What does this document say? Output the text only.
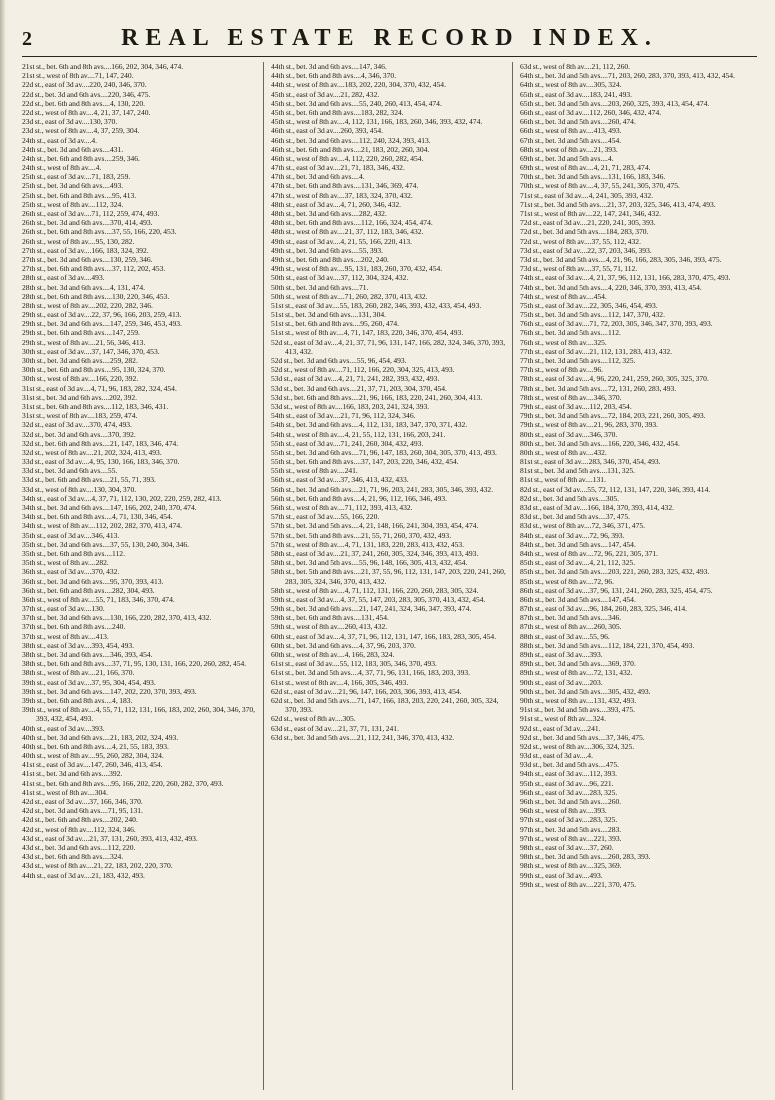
2	REAL ESTATE RECORD INDEX.
21st st., bet. 6th and 8th avs....166, 202, 304, 346, 474.
21st st., west of 8th av....71, 147, 240.
22d st., east of 3d av....220, 240, 346, 370.
22d st., bet. 3d and 6th avs....220, 346, 475.
22d st., bet. 6th and 8th avs....4, 130, 220.
22d st., west of 8th av....4, 21, 37, 147, 240.
23d st., east of 3d av....130, 370.
23d st., west of 8th av....4, 37, 259, 304.
24th st., east of 3d av....4.
24th st., bet. 3d and 6th avs....431.
24th st., bet. 6th and 8th avs....259, 346.
24th st., west of 8th av....4.
25th st., east of 3d av....71, 183, 259.
25th st., bet. 3d and 6th avs....493.
25th st., bet. 6th and 8th avs....95, 413.
25th st., west of 8th av....112, 324.
26th st., east of 3d av....71, 112, 259, 474, 493.
26th st., bet. 3d and 6th avs....370, 414, 493.
26th st., bet. 6th and 8th avs....37, 55, 166, 220, 453.
26th st., west of 8th av....95, 130, 282.
27th st., east of 3d av....166, 183, 324, 392.
27th st., bet. 3d and 6th avs....130, 259, 346.
27th st., bet. 6th and 8th avs....37, 112, 202, 453.
28th st., east of 3d av....493.
28th st., bet. 3d and 6th avs....4, 131, 474.
28th st., bet. 6th and 8th avs....130, 220, 346, 453.
28th st., west of 8th av....202, 220, 282, 346.
29th st., east of 3d av....22, 37, 96, 166, 203, 259, 413.
29th st., bet. 3d and 6th avs....147, 259, 346, 453, 493.
29th st., bet. 6th and 8th avs....147, 259.
29th st., west of 8th av....21, 56, 346, 413.
30th st., east of 3d av....37, 147, 346, 370, 453.
30th st., bet. 3d and 6th avs....259, 282.
30th st., bet. 6th and 8th avs....95, 130, 324, 370.
30th st., west of 8th av....166, 220, 392.
31st st., east of 3d av....4, 71, 96, 183, 282, 324, 454.
31st st., bet. 3d and 6th avs....202, 392.
31st st., bet. 6th and 8th avs....112, 183, 346, 431.
31st st., west of 8th av....183, 259, 474.
32d st., east of 3d av....370, 474, 493.
32d st., bet. 3d and 6th avs....370, 392.
32d st., bet. 6th and 8th avs....21, 147, 183, 346, 474.
32d st., west of 8th av....21, 202, 324, 413, 493.
33d st., east of 3d av....4, 95, 130, 166, 183, 346, 370.
33d st., bet. 3d and 6th avs....55.
33d st., bet. 6th and 8th avs....21, 55, 71, 393.
33d st., west of 8th av....130, 304, 370.
34th st., east of 3d av....4, 37, 71, 112, 130, 202, 220, 259, 282, 413.
34th st., bet. 3d and 6th avs....147, 166, 202, 240, 370, 474.
34th st., bet. 6th and 8th avs....4, 71, 130, 346, 454.
34th st., west of 8th av....112, 202, 282, 370, 413, 474.
35th st., east of 3d av....346, 413.
35th st., bet. 3d and 6th avs....37, 55, 130, 240, 304, 346.
35th st., bet. 6th and 8th avs....112.
35th st., west of 8th av....282.
36th st., east of 3d av....370, 432.
36th st., bet. 3d and 6th avs....95, 370, 393, 413.
36th st., bet. 6th and 8th avs....282, 304, 493.
36th st., west of 8th av....55, 71, 183, 346, 370, 474.
37th st., east of 3d av....130.
37th st., bet. 3d and 6th avs....130, 166, 220, 282, 370, 413, 432.
37th st., bet. 6th and 8th avs....240.
37th st., west of 8th av....413.
38th st., east of 3d av....393, 454, 493.
38th st., bet. 3d and 6th avs....346, 393, 454.
38th st., bet. 6th and 8th avs....37, 71, 95, 130, 131, 166, 220, 260, 282, 454.
38th st., west of 8th av....21, 166, 370.
39th st., east of 3d av....37, 95, 304, 454, 493.
39th st., bet. 3d and 6th avs....147, 202, 220, 370, 393, 493.
39th st., bet. 6th and 8th avs....4, 183.
39th st., west of 8th av....4, 55, 71, 112, 131, 166, 183, 202, 260, 304, 346, 370, 393, 432, 454, 493.
40th st., east of 3d av....393.
40th st., bet. 3d and 6th avs....21, 183, 202, 324, 493.
40th st., bet. 6th and 8th avs....4, 21, 55, 183, 393.
40th st., west of 8th av....95, 260, 282, 304, 324.
41st st., east of 3d av....147, 260, 346, 413, 454.
41st st., bet. 3d and 6th avs....392.
41st st., bet. 6th and 8th avs....95, 166, 202, 220, 260, 282, 370, 493.
41st st., west of 8th av....304.
42d st., east of 3d av....37, 166, 346, 370.
42d st., bet. 3d and 6th avs....71, 95, 131.
42d st., bet. 6th and 8th avs....202, 240.
42d st., west of 8th av....112, 324, 346.
43d st., east of 3d av....21, 37, 131, 260, 393, 413, 432, 493.
43d st., bet. 3d and 6th avs....112, 220.
43d st., bet. 6th and 8th avs....324.
43d st., west of 8th av....21, 22, 183, 202, 220, 370.
44th st., east of 3d av....21, 183, 432, 493.
44th st., bet. 3d and 6th avs....147, 346.
44th st., bet. 6th and 8th avs....4, 346, 370.
44th st., west of 8th av....183, 202, 220, 304, 370, 432, 454.
45th st., east of 3d av....21, 282, 432.
45th st., bet. 3d and 6th avs....55, 240, 260, 413, 454, 474.
45th st., bet. 6th and 8th avs....183, 282, 324.
45th st., west of 8th av....4, 112, 131, 166, 183, 260, 346, 393, 432, 474.
46th st., east of 3d av....260, 393, 454.
46th st., bet. 3d and 6th avs....112, 240, 324, 393, 413.
46th st., bet. 6th and 8th avs....21, 183, 202, 260, 304.
46th st., west of 8th av....4, 112, 220, 260, 282, 454.
47th st., east of 3d av....21, 71, 183, 346, 432.
47th st., bet. 3d and 6th avs....4.
47th st., bet. 6th and 8th avs....131, 346, 369, 474.
47th st., west of 8th av....37, 183, 324, 370, 432.
48th st., east of 3d av....4, 71, 260, 346, 432.
48th st., bet. 3d and 6th avs....282, 432.
48th st., bet. 6th and 8th avs....112, 166, 324, 454, 474.
48th st., west of 8th av....21, 37, 112, 183, 346, 432.
49th st., east of 3d av....4, 21, 55, 166, 220, 413.
49th st., bet. 3d and 6th avs....55, 393.
49th st., bet. 6th and 8th avs....202, 240.
49th st., west of 8th av....95, 131, 183, 260, 370, 432, 454.
50th st., east of 3d av....37, 112, 304, 324, 432.
50th st., bet. 3d and 6th avs....71.
50th st., west of 8th av....71, 260, 282, 370, 413, 432.
51st st., east of 3d av....55, 183, 260, 282, 346, 393, 432, 433, 454, 493.
51st st., bet. 3d and 6th avs....131, 304.
51st st., bet. 6th and 8th avs....95, 260, 474.
51st st., west of 8th av....4, 71, 147, 183, 220, 346, 370, 454, 493.
52d st., east of 3d av....4, 21, 37, 71, 96, 131, 147, 166, 282, 324, 346, 370, 393, 413, 432.
52d st., bet. 3d and 6th avs....55, 96, 454, 493.
52d st., west of 8th av....71, 112, 166, 220, 304, 325, 413, 493.
53d st., east of 3d av....4, 21, 71, 241, 282, 393, 432, 493.
53d st., bet. 3d and 6th avs....21, 37, 71, 203, 304, 370, 454.
53d st., bet. 6th and 8th avs....21, 96, 166, 183, 220, 241, 260, 304, 413.
53d st., west of 8th av....166, 183, 203, 241, 324, 393.
54th st., east of 3d av....21, 71, 96, 112, 324, 346.
54th st., bet. 3d and 6th avs....4, 112, 131, 183, 347, 370, 371, 432.
54th st., west of 8th av....4, 21, 55, 112, 131, 166, 203, 241.
55th st., east of 3d av....71, 241, 260, 304, 432, 493.
55th st., bet. 3d and 6th avs....71, 96, 147, 183, 260, 304, 305, 370, 413, 493.
55th st., bet. 6th and 8th avs....37, 147, 203, 220, 346, 432, 454.
55th st., west of 8th av....241.
56th st., east of 3d av....37, 346, 413, 432, 433.
56th st., bet. 3d and 6th avs....21, 71, 96, 203, 241, 283, 305, 346, 393, 432.
56th st., bet. 6th and 8th avs....4, 21, 96, 112, 166, 346, 493.
56th st., west of 8th av....71, 112, 393, 413, 432.
57th st., east of 3d av....55, 166, 220.
57th st., bet. 3d and 5th avs....4, 21, 148, 166, 241, 304, 393, 454, 474.
57th st., bet. 5th and 8th avs....21, 55, 71, 260, 370, 432, 493.
57th st., west of 8th av....4, 71, 131, 183, 220, 283, 413, 432, 453.
58th st., east of 3d av....21, 37, 241, 260, 305, 324, 346, 393, 413, 493.
58th st., bet. 3d and 5th avs....55, 96, 148, 166, 305, 413, 432, 454.
58th st., bet. 5th and 8th avs....21, 37, 55, 96, 112, 131, 147, 203, 220, 241, 260, 283, 305, 324, 346, 370, 413, 432.
58th st., west of 8th av....4, 71, 112, 131, 166, 220, 260, 283, 305, 324.
59th st., east of 3d av....4, 37, 55, 147, 203, 283, 305, 370, 413, 432, 454.
59th st., bet. 3d and 6th avs....21, 147, 241, 324, 346, 347, 393, 474.
59th st., bet. 6th and 8th avs....131, 454.
59th st., west of 8th av....260, 413, 432.
60th st., east of 3d av....4, 37, 71, 96, 112, 131, 147, 166, 183, 283, 305, 454.
60th st., bet. 3d and 6th avs....4, 37, 96, 203, 370.
60th st., west of 8th av....4, 166, 283, 324.
61st st., east of 3d av....55, 112, 183, 305, 346, 370, 493.
61st st., bet. 3d and 5th avs....4, 37, 71, 96, 131, 166, 183, 203, 393.
61st st., west of 8th av....4, 166, 305, 346, 493.
62d st., east of 3d av....21, 96, 147, 166, 203, 306, 393, 413, 454.
62d st., bet. 3d and 5th avs....71, 147, 166, 183, 203, 220, 241, 260, 305, 324, 370, 393.
62d st., west of 8th av....305.
63d st., east of 3d av....21, 37, 71, 131, 241.
63d st., bet. 3d and 5th avs....21, 112, 241, 346, 370, 413, 432.
63d st., west of 8th av....21, 112, 260.
64th st., bet. 3d and 5th avs....71, 203, 260, 283, 370, 393, 413, 432, 454.
64th st., west of 8th av....305, 324.
65th st., east of 3d av....183, 241, 493.
65th st., bet. 3d and 5th avs....203, 260, 325, 393, 413, 454, 474.
66th st., east of 3d av....112, 260, 346, 432, 474.
66th st., bet. 3d and 5th avs....260, 474.
66th st., west of 8th av....413, 493.
67th st., bet. 3d and 5th avs....454.
68th st., west of 8th av....21, 393.
69th st., bet. 3d and 5th avs....4.
69th st., west of 8th av....4, 21, 71, 283, 474.
70th st., bet. 3d and 5th avs....131, 166, 183, 346.
70th st., west of 8th av....4, 37, 55, 241, 305, 370, 475.
71st st., east of 3d av....4, 241, 305, 393, 432.
71st st., bet. 3d and 5th avs....21, 37, 203, 325, 346, 413, 474, 493.
71st st., west of 8th av....22, 147, 241, 346, 432.
72d st., east of 3d av....21, 220, 241, 305, 393.
72d st., bet. 3d and 5th avs....184, 283, 370.
72d st., west of 8th av....37, 55, 112, 432.
73d st., east of 3d av....22, 37, 203, 346, 393.
73d st., bet. 3d and 5th avs....4, 21, 96, 166, 283, 305, 346, 393, 475.
73d st., west of 8th av....37, 55, 71, 112.
74th st., east of 3d av....4, 21, 37, 96, 112, 131, 166, 283, 370, 475, 493.
74th st., bet. 3d and 5th avs....4, 220, 346, 370, 393, 413, 454.
74th st., west of 8th av....454.
75th st., east of 3d av....22, 305, 346, 454, 493.
75th st., bet. 3d and 5th avs....112, 147, 370, 432.
76th st., east of 3d av....71, 72, 203, 305, 346, 347, 370, 393, 493.
76th st., bet. 3d and 5th avs....112.
76th st., west of 8th av....325.
77th st., east of 3d av....21, 112, 131, 283, 413, 432.
77th st., bet. 3d and 5th avs....112, 325.
77th st., west of 8th av....96.
78th st., east of 3d av....4, 96, 220, 241, 259, 260, 305, 325, 370.
78th st., bet. 3d and 5th avs....72, 131, 260, 283, 493.
78th st., west of 8th av....346, 370.
79th st., east of 3d av....112, 203, 454.
79th st., bet. 3d and 5th avs....72, 184, 203, 221, 260, 305, 493.
79th st., west of 8th av....21, 96, 283, 370, 393.
80th st., east of 3d av....346, 370.
80th st., bet. 3d and 5th avs....166, 220, 346, 432, 454.
80th st., west of 8th av....432.
81st st., east of 3d av....283, 346, 370, 454, 493.
81st st., bet. 3d and 5th avs....131, 325.
81st st., west of 8th av....131.
82d st., east of 3d av....55, 72, 112, 131, 147, 220, 346, 393, 414.
82d st., bet. 3d and 5th avs....305.
83d st., east of 3d av....166, 184, 370, 393, 414, 432.
83d st., bet. 3d and 5th avs....37, 475.
83d st., west of 8th av....72, 346, 371, 475.
84th st., east of 3d av....72, 96, 393.
84th st., bet. 3d and 5th avs....147, 454.
84th st., west of 8th av....72, 96, 221, 305, 371.
85th st., east of 3d av....4, 21, 112, 325.
85th st., bet. 3d and 5th avs....203, 221, 260, 283, 325, 432, 493.
85th st., west of 8th av....72, 96.
86th st., east of 3d av....37, 96, 131, 241, 260, 283, 325, 454, 475.
86th st., bet. 3d and 5th avs....147, 454.
87th st., east of 3d av....96, 184, 260, 283, 325, 346, 414.
87th st., bet. 3d and 5th avs....346.
87th st., west of 8th av....260, 305.
88th st., east of 3d av....55, 96.
88th st., bet. 3d and 5th avs....112, 184, 221, 370, 454, 493.
89th st., east of 3d av....393.
89th st., bet. 3d and 5th avs....369, 370.
89th st., west of 8th av....72, 131, 432.
90th st., east of 3d av....203.
90th st., bet. 3d and 5th avs....305, 432, 493.
90th st., west of 8th av....131, 432, 493.
91st st., bet. 3d and 5th avs....393, 475.
91st st., west of 8th av....324.
92d st., east of 3d av....241.
92d st., bet. 3d and 5th avs....37, 346, 475.
92d st., west of 8th av....306, 324, 325.
93d st., east of 3d av....4.
93d st., bet. 3d and 5th avs....475.
94th st., east of 3d av....112, 393.
95th st., east of 3d av....96, 221.
96th st., east of 3d av....283, 325.
96th st., bet. 3d and 5th avs....260.
96th st., west of 8th av....393.
97th st., east of 3d av....283, 325.
97th st., bet. 3d and 5th avs....283.
97th st., west of 8th av....221, 393.
98th st., east of 3d av....37, 260.
98th st., bet. 3d and 5th avs....260, 283, 393.
98th st., west of 8th av....325, 369.
99th st., east of 3d av....493.
99th st., west of 8th av....221, 370, 475.
